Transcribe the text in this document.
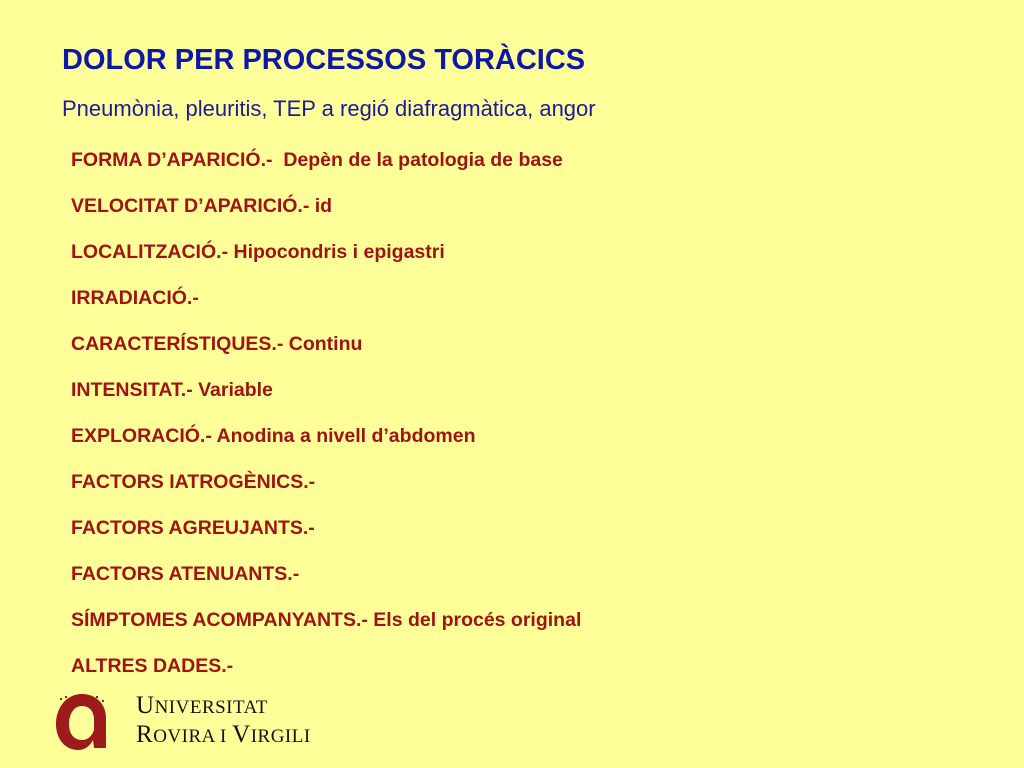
DOLOR PER PROCESSOS TORÀCICS
Pneumònia, pleuritis, TEP a regió diafragmàtica, angor
FORMA D’APARICIÓ.-  Depèn de la patologia de base
VELOCITAT D’APARICIÓ.- id
LOCALITZACIÓ.- Hipocondris i epigastri
IRRADIACIÓ.-
CARACTERÍSTIQUES.- Continu
INTENSITAT.- Variable
EXPLORACIÓ.- Anodina a nivell d’abdomen
FACTORS IATROGÈNICS.-
FACTORS AGREUJANTS.-
FACTORS ATENUANTS.-
SÍMPTOMES ACOMPANYANTS.- Els del procés original
ALTRES DADES.-
UNIVERSITAT
ROVIRA I VIRGILI
